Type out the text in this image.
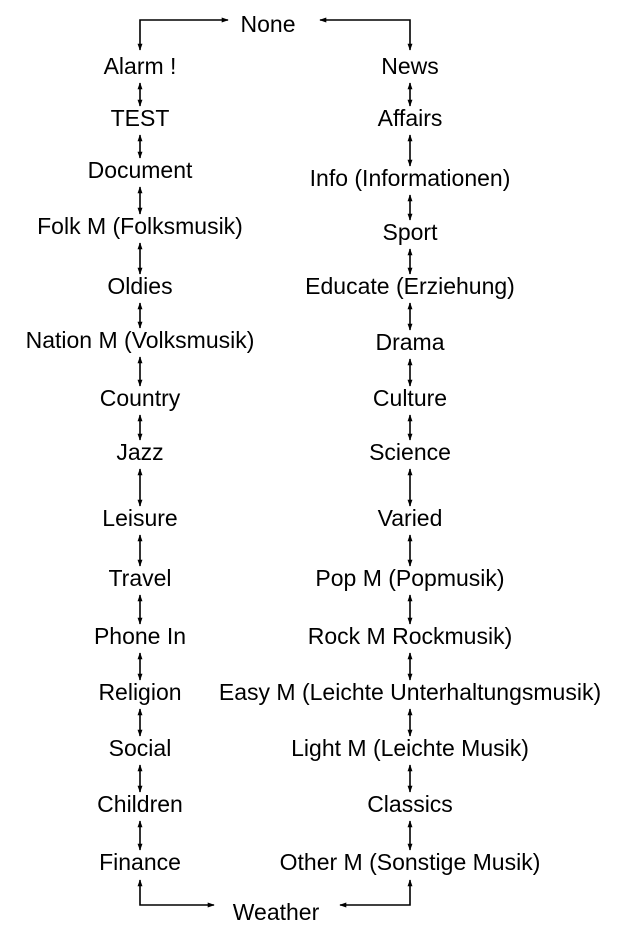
None
Weather
Alarm !
TEST
Document
Folk M (Folksmusik)
Oldies
Nation M (Volksmusik)
Country
Jazz
Leisure
Travel
Phone In
Religion
Social
Children
Finance
News
Affairs
Info (Informationen)
Sport
Educate (Erziehung)
Drama
Culture
Science
Varied
Pop M (Popmusik)
Rock M Rockmusik)
Easy M (Leichte Unterhaltungsmusik)
Light M (Leichte Musik)
Classics
Other M (Sonstige Musik)
